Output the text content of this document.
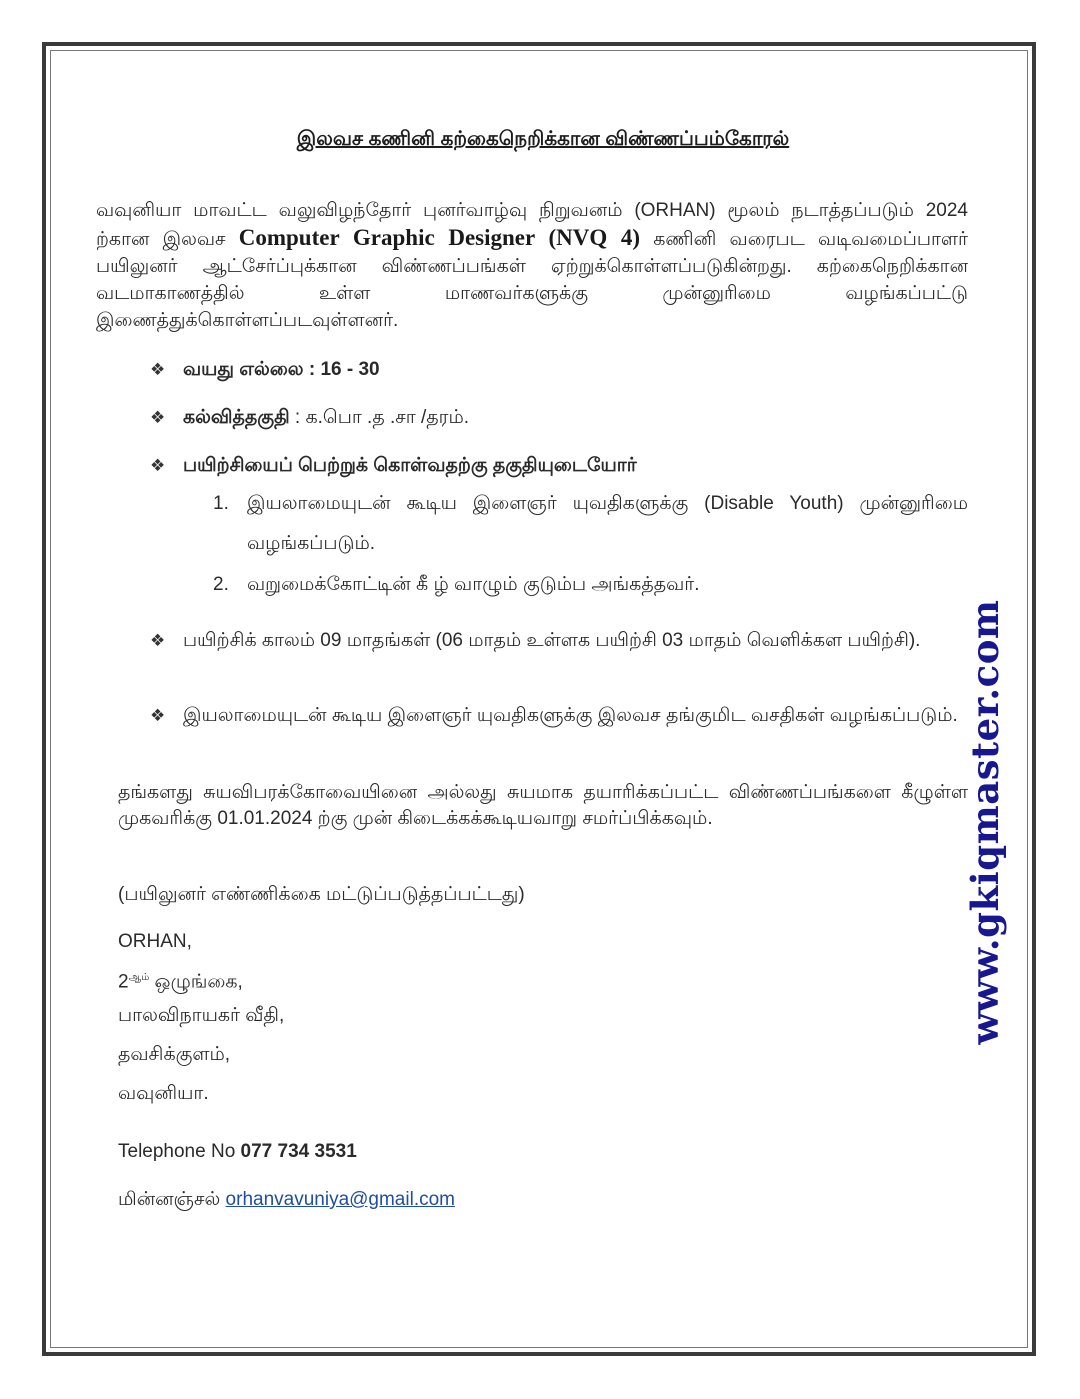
இலவச கணினி கற்கைநெறிக்கான விண்ணப்பம்கோரல்
வவுனியா மாவட்ட வலுவிழந்தோர் புனர்வாழ்வு நிறுவனம் (ORHAN) மூலம் நடாத்தப்படும் 2024 ற்கான இலவச Computer Graphic Designer (NVQ 4) கணினி வரைபட வடிவமைப்பாளர் பயிலுனர் ஆட்சேர்ப்புக்கான விண்ணப்பங்கள் ஏற்றுக்கொள்ளப்படுகின்றது. கற்கைநெறிக்கான வடமாகாணத்தில் உள்ள மாணவர்களுக்கு முன்னுரிமை வழங்கப்பட்டு இணைத்துக்கொள்ளப்படவுள்ளனர்.
❖ வயது எல்லை : 16 - 30
❖ கல்வித்தகுதி : க.பொ .த .சா /தரம்.
❖ பயிற்சியைப் பெற்றுக் கொள்வதற்கு தகுதியுடையோர்
1. இயலாமையுடன் கூடிய இளைஞர் யுவதிகளுக்கு (Disable Youth) முன்னுரிமை வழங்கப்படும்.
2. வறுமைக்கோட்டின் கீ ழ் வாழும் குடும்ப அங்கத்தவர்.
❖ பயிற்சிக் காலம் 09 மாதங்கள் (06 மாதம் உள்ளக பயிற்சி 03 மாதம் வெளிக்கள பயிற்சி).
❖ இயலாமையுடன் கூடிய இளைஞர் யுவதிகளுக்கு இலவச தங்குமிட வசதிகள் வழங்கப்படும்.
தங்களது சுயவிபரக்கோவையினை அல்லது சுயமாக தயாரிக்கப்பட்ட விண்ணப்பங்களை கீழுள்ள முகவரிக்கு 01.01.2024 ற்கு முன் கிடைக்கக்கூடியவாறு சமர்ப்பிக்கவும்.
(பயிலுனர் எண்ணிக்கை மட்டுப்படுத்தப்பட்டது)
ORHAN,
$2^{ஆம்}$ ஒழுங்கை,
பாலவிநாயகர் வீதி,
தவசிக்குளம்,
வவுனியா.
Telephone No 077 734 3531
மின்னஞ்சல் orhanvavuniya@gmail.com
www.gkiqmaster.com
